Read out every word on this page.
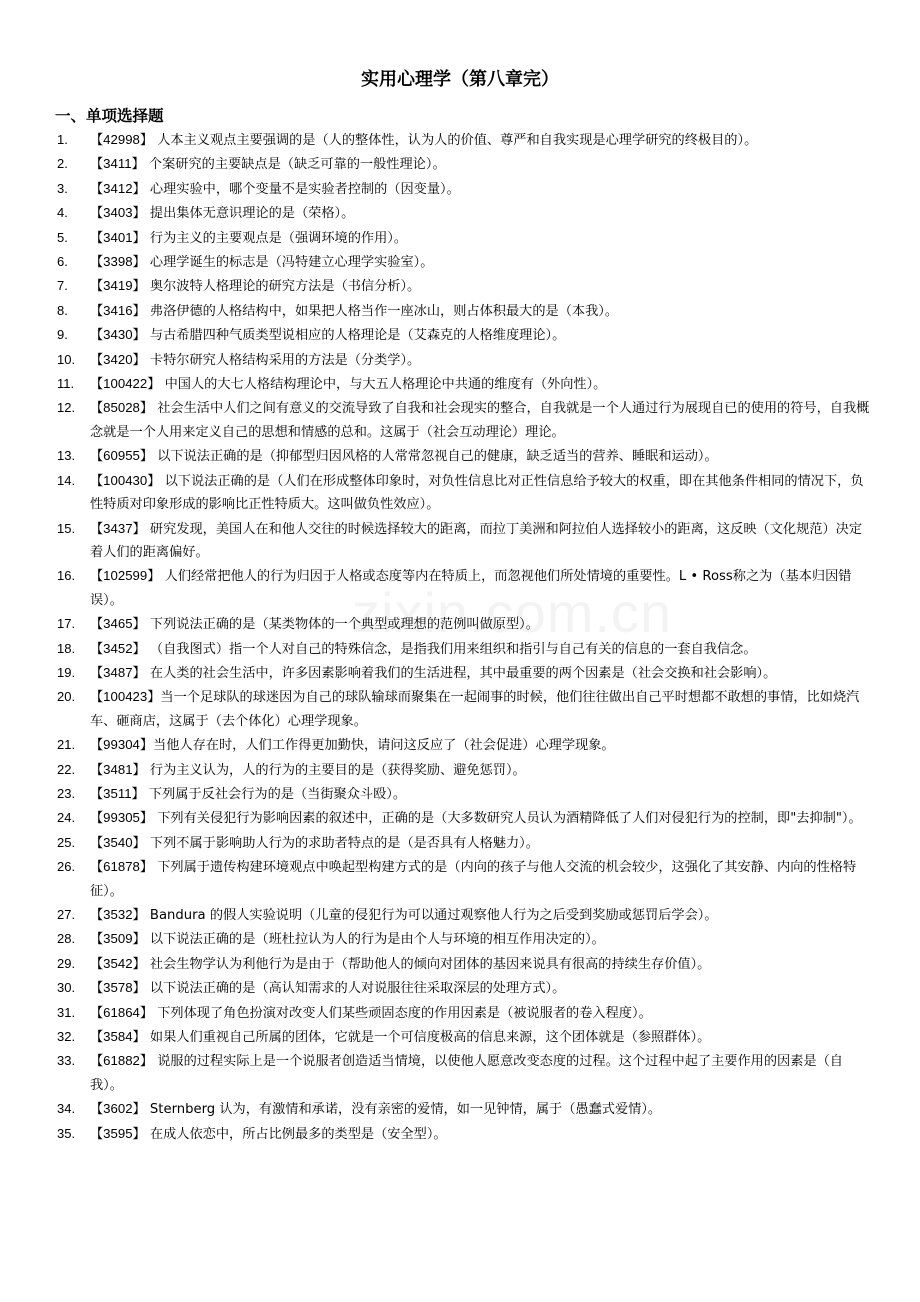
实用心理学（第八章完）
一、单项选择题
1.	【42998】 人本主义观点主要强调的是（人的整体性，认为人的价值、尊严和自我实现是心理学研究的终极目的）。
2.	【3411】 个案研究的主要缺点是（缺乏可靠的一般性理论）。
3.	【3412】 心理实验中，哪个变量不是实验者控制的（因变量）。
4.	【3403】 提出集体无意识理论的是（荣格）。
5.	【3401】 行为主义的主要观点是（强调环境的作用）。
6.	【3398】 心理学诞生的标志是（冯特建立心理学实验室）。
7.	【3419】 奥尔波特人格理论的研究方法是（书信分析）。
8.	【3416】 弗洛伊德的人格结构中，如果把人格当作一座冰山，则占体积最大的是（本我）。
9.	【3430】 与古希腊四种气质类型说相应的人格理论是（艾森克的人格维度理论）。
10.	【3420】 卡特尔研究人格结构采用的方法是（分类学）。
11.	【100422】 中国人的大七人格结构理论中，与大五人格理论中共通的维度有（外向性）。
12.	【85028】 社会生活中人们之间有意义的交流导致了自我和社会现实的整合，自我就是一个人通过行为展现自已的使用的符号，自我概念就是一个人用来定义自己的思想和情感的总和。这属于（社会互动理论）理论。
13.	【60955】 以下说法正确的是（抑郁型归因风格的人常常忽视自己的健康，缺乏适当的营养、睡眠和运动）。
14.	【100430】 以下说法正确的是（人们在形成整体印象时，对负性信息比对正性信息给予较大的权重，即在其他条件相同的情况下，负性特质对印象形成的影响比正性特质大。这叫做负性效应）。
15.	【3437】 研究发现，美国人在和他人交往的时候选择较大的距离，而拉丁美洲和阿拉伯人选择较小的距离，这反映（文化规范）决定着人们的距离偏好。
16.	【102599】 人们经常把他人的行为归因于人格或态度等内在特质上，而忽视他们所处情境的重要性。L • Ross称之为（基本归因错误）。
17.	【3465】 下列说法正确的是（某类物体的一个典型或理想的范例叫做原型）。
18.	【3452】 （自我图式）指一个人对自己的特殊信念，是指我们用来组织和指引与自己有关的信息的一套自我信念。
19.	【3487】 在人类的社会生活中，许多因素影响着我们的生活进程，其中最重要的两个因素是（社会交换和社会影响）。
20.	【100423】当一个足球队的球迷因为自己的球队输球而聚集在一起闹事的时候，他们往往做出自己平时想都不敢想的事情，比如烧汽车、砸商店，这属于（去个体化）心理学现象。
21.	【99304】当他人存在时，人们工作得更加勤快，请问这反应了（社会促进）心理学现象。
22.	【3481】 行为主义认为，人的行为的主要目的是（获得奖励、避免惩罚）。
23.	【3511】 下列属于反社会行为的是（当街聚众斗殴）。
24.	【99305】 下列有关侵犯行为影响因素的叙述中，正确的是（大多数研究人员认为酒精降低了人们对侵犯行为的控制，即"去抑制"）。
25.	【3540】 下列不属于影响助人行为的求助者特点的是（是否具有人格魅力）。
26.	【61878】 下列属于遗传构建环境观点中唤起型构建方式的是（内向的孩子与他人交流的机会较少，这强化了其安静、内向的性格特征）。
27.	【3532】 Bandura 的假人实验说明（儿童的侵犯行为可以通过观察他人行为之后受到奖励或惩罚后学会）。
28.	【3509】 以下说法正确的是（班杜拉认为人的行为是由个人与环境的相互作用决定的）。
29.	【3542】 社会生物学认为利他行为是由于（帮助他人的倾向对团体的基因来说具有很高的持续生存价值）。
30.	【3578】 以下说法正确的是（高认知需求的人对说服往往采取深层的处理方式）。
31.	【61864】 下列体现了角色扮演对改变人们某些顽固态度的作用因素是（被说服者的卷入程度）。
32.	【3584】 如果人们重视自己所属的团体，它就是一个可信度极高的信息来源，这个团体就是（参照群体）。
33.	【61882】 说服的过程实际上是一个说服者创造适当情境，以使他人愿意改变态度的过程。这个过程中起了主要作用的因素是（自我）。
34.	【3602】 Sternberg 认为，有激情和承诺，没有亲密的爱情，如一见钟情，属于（愚蠢式爱情）。
35.	【3595】 在成人依恋中，所占比例最多的类型是（安全型）。
